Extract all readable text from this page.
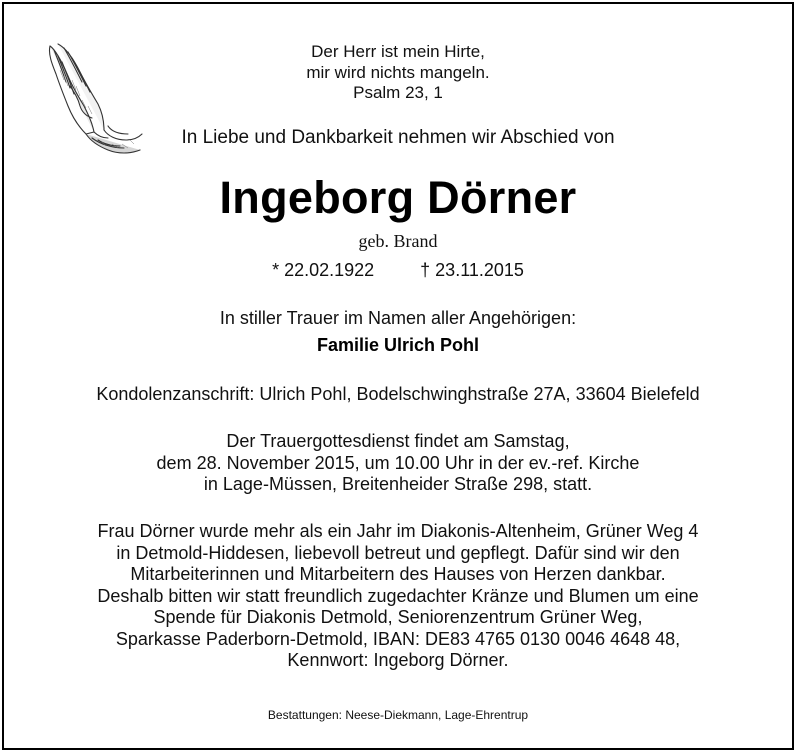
Der Herr ist mein Hirte,
mir wird nichts mangeln.
Psalm 23, 1
In Liebe und Dankbarkeit nehmen wir Abschied von
Ingeborg Dörner
geb. Brand
* 22.02.1922	† 23.11.2015
In stiller Trauer im Namen aller Angehörigen:
Familie Ulrich Pohl
Kondolenzanschrift: Ulrich Pohl, Bodelschwinghstraße 27A, 33604 Bielefeld
Der Trauergottesdienst findet am Samstag,
dem 28. November 2015, um 10.00 Uhr in der ev.-ref. Kirche
in Lage-Müssen, Breitenheider Straße 298, statt.
Frau Dörner wurde mehr als ein Jahr im Diakonis-Altenheim, Grüner Weg 4
in Detmold-Hiddesen, liebevoll betreut und gepflegt. Dafür sind wir den
Mitarbeiterinnen und Mitarbeitern des Hauses von Herzen dankbar.
Deshalb bitten wir statt freundlich zugedachter Kränze und Blumen um eine
Spende für Diakonis Detmold, Seniorenzentrum Grüner Weg,
Sparkasse Paderborn-Detmold, IBAN: DE83 4765 0130 0046 4648 48,
Kennwort: Ingeborg Dörner.
Bestattungen: Neese-Diekmann, Lage-Ehrentrup
